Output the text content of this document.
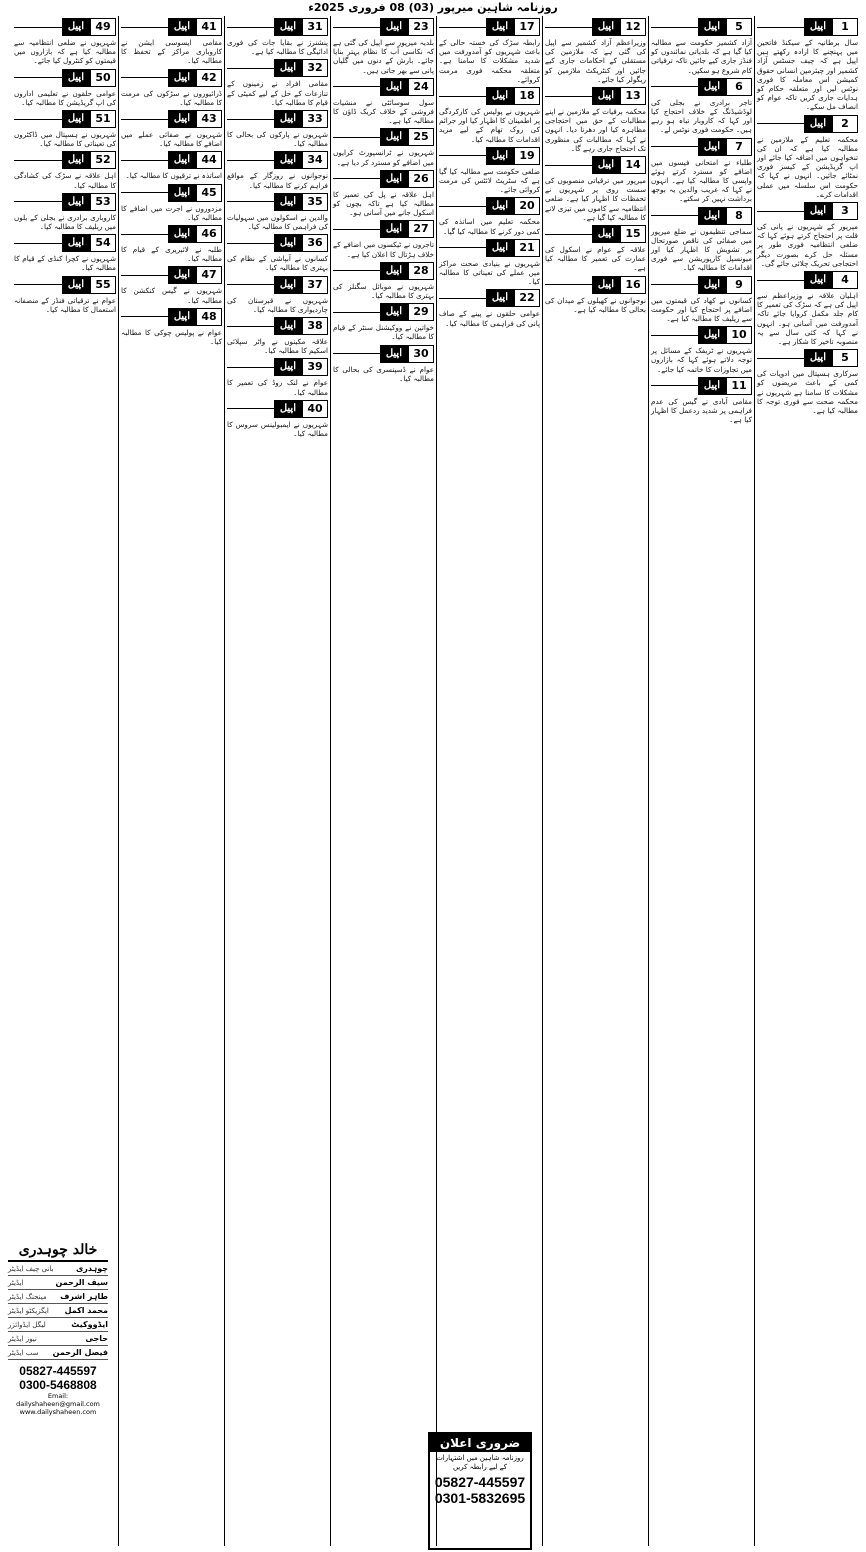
روزنامہ شاہین میرپور (03) 08 فروری 2025ء
1
اپیل
سال برطانیہ کے سیکنڈ فاتحین میں پہنچنے کا ارادہ رکھتے ہیں اپیل ہے کہ چیف جسٹس آزاد کشمیر اور چیئرمین انسانی حقوق کمیشن اس معاملہ کا فوری نوٹس لیں اور متعلقہ حکام کو ہدایات جاری کریں تاکہ عوام کو انصاف مل سکے۔
2
اپیل
محکمہ تعلیم کے ملازمین نے مطالبہ کیا ہے کہ ان کی تنخواہوں میں اضافہ کیا جائے اور اپ گریڈیشن کے کیسز فوری نمٹائے جائیں۔ انہوں نے کہا کہ حکومت اس سلسلہ میں عملی اقدامات کرے۔
3
اپیل
میرپور کے شہریوں نے پانی کی قلت پر احتجاج کرتے ہوئے کہا کہ ضلعی انتظامیہ فوری طور پر مسئلہ حل کرے بصورت دیگر احتجاجی تحریک چلائی جائے گی۔
4
اپیل
اہلیان علاقہ نے وزیراعظم سے اپیل کی ہے کہ سڑک کی تعمیر کا کام جلد مکمل کروایا جائے تاکہ آمدورفت میں آسانی ہو۔ انہوں نے کہا کہ کئی سال سے یہ منصوبہ تاخیر کا شکار ہے۔
5
اپیل
سرکاری ہسپتال میں ادویات کی کمی کے باعث مریضوں کو مشکلات کا سامنا ہے شہریوں نے محکمہ صحت سے فوری توجہ کا مطالبہ کیا ہے۔
5
اپیل
آزاد کشمیر حکومت سے مطالبہ کیا گیا ہے کہ بلدیاتی نمائندوں کو فنڈز جاری کیے جائیں تاکہ ترقیاتی کام شروع ہو سکیں۔
6
اپیل
تاجر برادری نے بجلی کی لوڈشیڈنگ کے خلاف احتجاج کیا اور کہا کہ کاروبار تباہ ہو رہے ہیں۔ حکومت فوری نوٹس لے۔
7
اپیل
طلباء نے امتحانی فیسوں میں اضافے کو مسترد کرتے ہوئے واپسی کا مطالبہ کیا ہے۔ انہوں نے کہا کہ غریب والدین یہ بوجھ برداشت نہیں کر سکتے۔
8
اپیل
سماجی تنظیموں نے ضلع میرپور میں صفائی کی ناقص صورتحال پر تشویش کا اظہار کیا اور میونسپل کارپوریشن سے فوری اقدامات کا مطالبہ کیا۔
9
اپیل
کسانوں نے کھاد کی قیمتوں میں اضافے پر احتجاج کیا اور حکومت سے ریلیف کا مطالبہ کیا ہے۔
10
اپیل
شہریوں نے ٹریفک کے مسائل پر توجہ دلاتے ہوئے کہا کہ بازاروں میں تجاوزات کا خاتمہ کیا جائے۔
11
اپیل
مقامی آبادی نے گیس کی عدم فراہمی پر شدید ردعمل کا اظہار کیا ہے۔
12
اپیل
وزیراعظم آزاد کشمیر سے اپیل کی گئی ہے کہ ملازمین کی مستقلی کے احکامات جاری کیے جائیں اور کنٹریکٹ ملازمین کو ریگولر کیا جائے۔
13
اپیل
محکمہ برقیات کے ملازمین نے اپنے مطالبات کے حق میں احتجاجی مظاہرہ کیا اور دھرنا دیا۔ انہوں نے کہا کہ مطالبات کی منظوری تک احتجاج جاری رہے گا۔
14
اپیل
میرپور میں ترقیاتی منصوبوں کی سست روی پر شہریوں نے تحفظات کا اظہار کیا ہے۔ ضلعی انتظامیہ سے کاموں میں تیزی لانے کا مطالبہ کیا گیا ہے۔
15
اپیل
علاقہ کے عوام نے اسکول کی عمارت کی تعمیر کا مطالبہ کیا ہے۔
16
اپیل
نوجوانوں نے کھیلوں کے میدان کی بحالی کا مطالبہ کیا ہے۔
17
اپیل
رابطہ سڑک کی خستہ حالی کے باعث شہریوں کو آمدورفت میں شدید مشکلات کا سامنا ہے۔ متعلقہ محکمہ فوری مرمت کروائے۔
18
اپیل
شہریوں نے پولیس کی کارکردگی پر اطمینان کا اظہار کیا اور جرائم کی روک تھام کے لیے مزید اقدامات کا مطالبہ کیا۔
19
اپیل
ضلعی حکومت سے مطالبہ کیا گیا ہے کہ سٹریٹ لائٹس کی مرمت کروائی جائے۔
20
اپیل
محکمہ تعلیم میں اساتذہ کی کمی دور کرنے کا مطالبہ کیا گیا۔
21
اپیل
شہریوں نے بنیادی صحت مراکز میں عملے کی تعیناتی کا مطالبہ کیا۔
22
اپیل
عوامی حلقوں نے پینے کے صاف پانی کی فراہمی کا مطالبہ کیا۔
23
اپیل
بلدیہ میرپور سے اپیل کی گئی ہے کہ نکاسی آب کا نظام بہتر بنایا جائے۔ بارش کے دنوں میں گلیاں پانی سے بھر جاتی ہیں۔
24
اپیل
سول سوسائٹی نے منشیات فروشی کے خلاف کریک ڈاؤن کا مطالبہ کیا ہے۔
25
اپیل
شہریوں نے ٹرانسپورٹ کرایوں میں اضافے کو مسترد کر دیا ہے۔
26
اپیل
اہل علاقہ نے پل کی تعمیر کا مطالبہ کیا ہے تاکہ بچوں کو اسکول جانے میں آسانی ہو۔
27
اپیل
تاجروں نے ٹیکسوں میں اضافے کے خلاف ہڑتال کا اعلان کیا ہے۔
28
اپیل
شہریوں نے موبائل سگنلز کی بہتری کا مطالبہ کیا۔
29
اپیل
خواتین نے ووکیشنل سنٹر کے قیام کا مطالبہ کیا۔
30
اپیل
عوام نے ڈسپنسری کی بحالی کا مطالبہ کیا۔
31
اپیل
پنشنرز نے بقایا جات کی فوری ادائیگی کا مطالبہ کیا ہے۔
32
اپیل
مقامی افراد نے زمینوں کے تنازعات کے حل کے لیے کمیٹی کے قیام کا مطالبہ کیا۔
33
اپیل
شہریوں نے پارکوں کی بحالی کا مطالبہ کیا۔
34
اپیل
نوجوانوں نے روزگار کے مواقع فراہم کرنے کا مطالبہ کیا۔
35
اپیل
والدین نے اسکولوں میں سہولیات کی فراہمی کا مطالبہ کیا۔
36
اپیل
کسانوں نے آبپاشی کے نظام کی بہتری کا مطالبہ کیا۔
37
اپیل
شہریوں نے قبرستان کی چاردیواری کا مطالبہ کیا۔
38
اپیل
علاقہ مکینوں نے واٹر سپلائی اسکیم کا مطالبہ کیا۔
39
اپیل
عوام نے لنک روڈ کی تعمیر کا مطالبہ کیا۔
40
اپیل
شہریوں نے ایمبولینس سروس کا مطالبہ کیا۔
41
اپیل
مقامی ایسوسی ایشن نے کاروباری مراکز کے تحفظ کا مطالبہ کیا۔
42
اپیل
ڈرائیوروں نے سڑکوں کی مرمت کا مطالبہ کیا۔
43
اپیل
شہریوں نے صفائی عملے میں اضافے کا مطالبہ کیا۔
44
اپیل
اساتذہ نے ترقیوں کا مطالبہ کیا۔
45
اپیل
مزدوروں نے اجرت میں اضافے کا مطالبہ کیا۔
46
اپیل
طلبہ نے لائبریری کے قیام کا مطالبہ کیا۔
47
اپیل
شہریوں نے گیس کنکشن کا مطالبہ کیا۔
48
اپیل
عوام نے پولیس چوکی کا مطالبہ کیا۔
49
اپیل
شہریوں نے ضلعی انتظامیہ سے مطالبہ کیا ہے کہ بازاروں میں قیمتوں کو کنٹرول کیا جائے۔
50
اپیل
عوامی حلقوں نے تعلیمی اداروں کی اپ گریڈیشن کا مطالبہ کیا۔
51
اپیل
شہریوں نے ہسپتال میں ڈاکٹروں کی تعیناتی کا مطالبہ کیا۔
52
اپیل
اہل علاقہ نے سڑک کی کشادگی کا مطالبہ کیا۔
53
اپیل
کاروباری برادری نے بجلی کے بلوں میں ریلیف کا مطالبہ کیا۔
54
اپیل
شہریوں نے کچرا کنڈی کے قیام کا مطالبہ کیا۔
55
اپیل
عوام نے ترقیاتی فنڈز کے منصفانہ استعمال کا مطالبہ کیا۔
خالد چوہدری
بانی چیف ایڈیٹر	چوہدری
ایڈیٹر	سیف الرحمن
مینجنگ ایڈیٹر طاہر اشرف
ایگزیکٹو ایڈیٹر محمد اکمل
لیگل ایڈوائزر	ایڈووکیٹ
نیوز ایڈیٹر	حاجی
سب ایڈیٹر فیصل الرحمن
05827-445597
0300-5468808
Email: dailyshaheen@gmail.com
www.dailyshaheen.com
ضروری اعلان
روزنامہ شاہین میں اشتہارات کے لیے رابطہ کریں
05827-445597
0301-5832695
